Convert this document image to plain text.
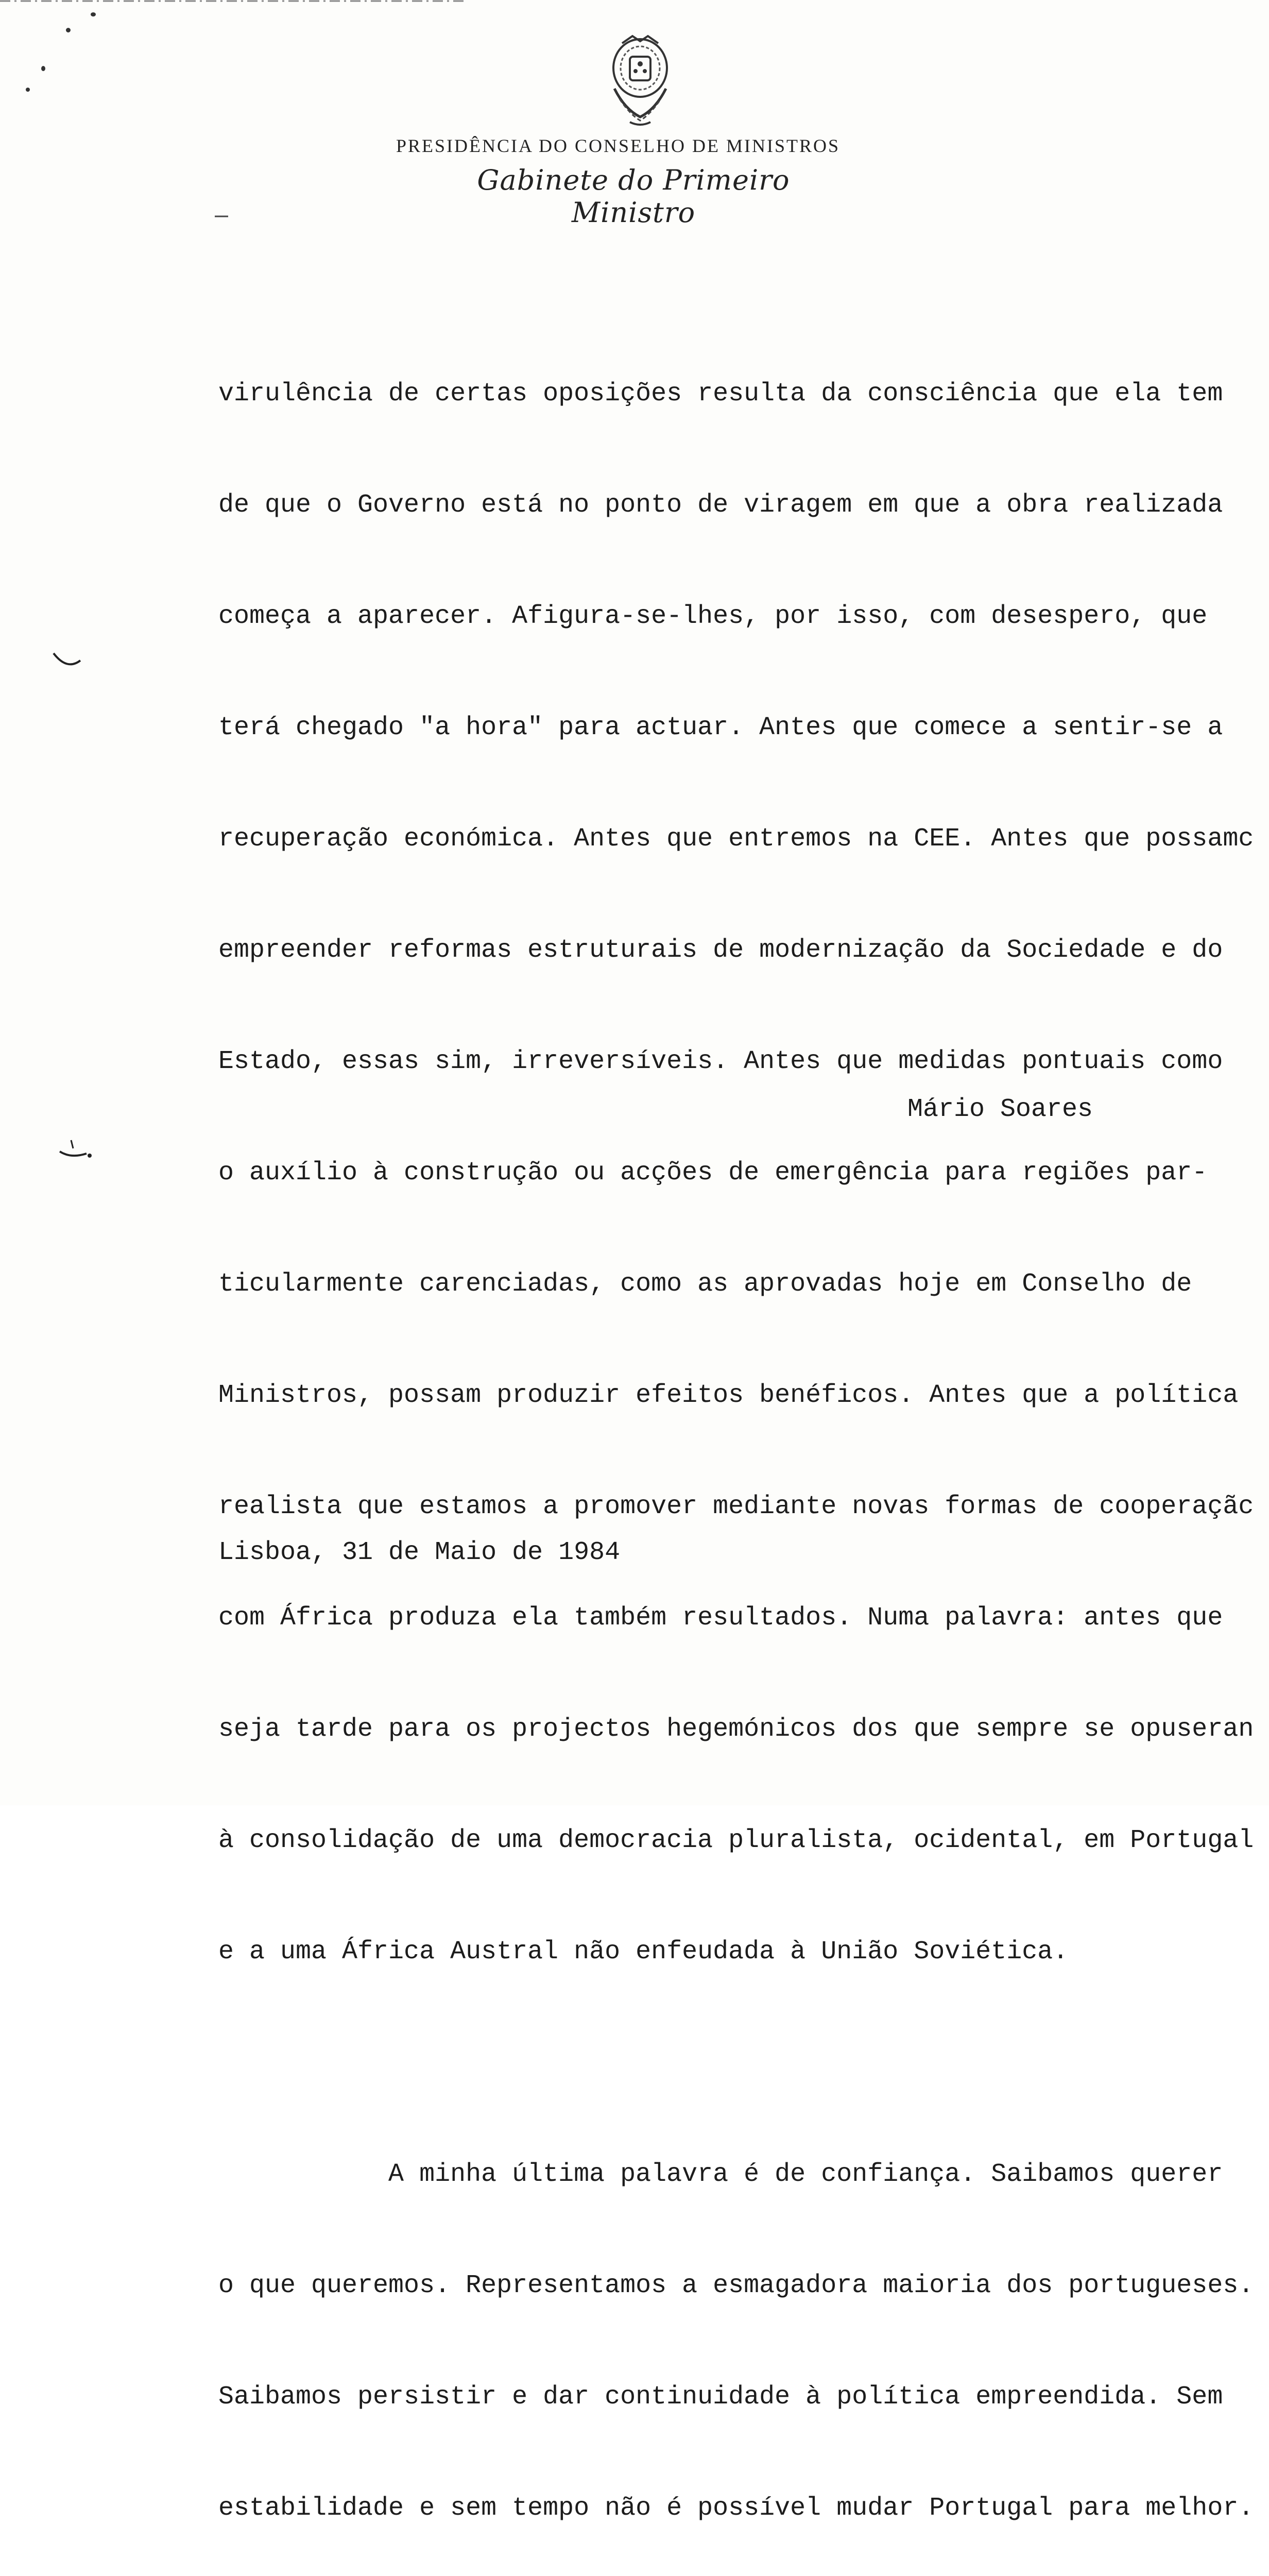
PRESIDÊNCIA DO CONSELHO DE MINISTROS
Gabinete do Primeiro Ministro

virulência de certas oposições resulta da consciência que ela tem

de que o Governo está no ponto de viragem em que a obra realizada

começa a aparecer. Afigura-se-lhes, por isso, com desespero, que

terá chegado "a hora" para actuar. Antes que comece a sentir-se a

recuperação económica. Antes que entremos na CEE. Antes que possamc

empreender reformas estruturais de modernização da Sociedade e do

Estado, essas sim, irreversíveis. Antes que medidas pontuais como

o auxílio à construção ou acções de emergência para regiões par-

ticularmente carenciadas, como as aprovadas hoje em Conselho de

Ministros, possam produzir efeitos benéficos. Antes que a política

realista que estamos a promover mediante novas formas de cooperaçãc

com África produza ela também resultados. Numa palavra: antes que

seja tarde para os projectos hegemónicos dos que sempre se opuseran

à consolidação de uma democracia pluralista, ocidental, em Portugal

e a uma África Austral não enfeudada à União Soviética.

A minha última palavra é de confiança. Saibamos querer

o que queremos. Representamos a esmagadora maioria dos portugueses.

Saibamos persistir e dar continuidade à política empreendida. Sem

estabilidade e sem tempo não é possível mudar Portugal para melhor.

Mário Soares
Lisboa, 31 de Maio de 1984
